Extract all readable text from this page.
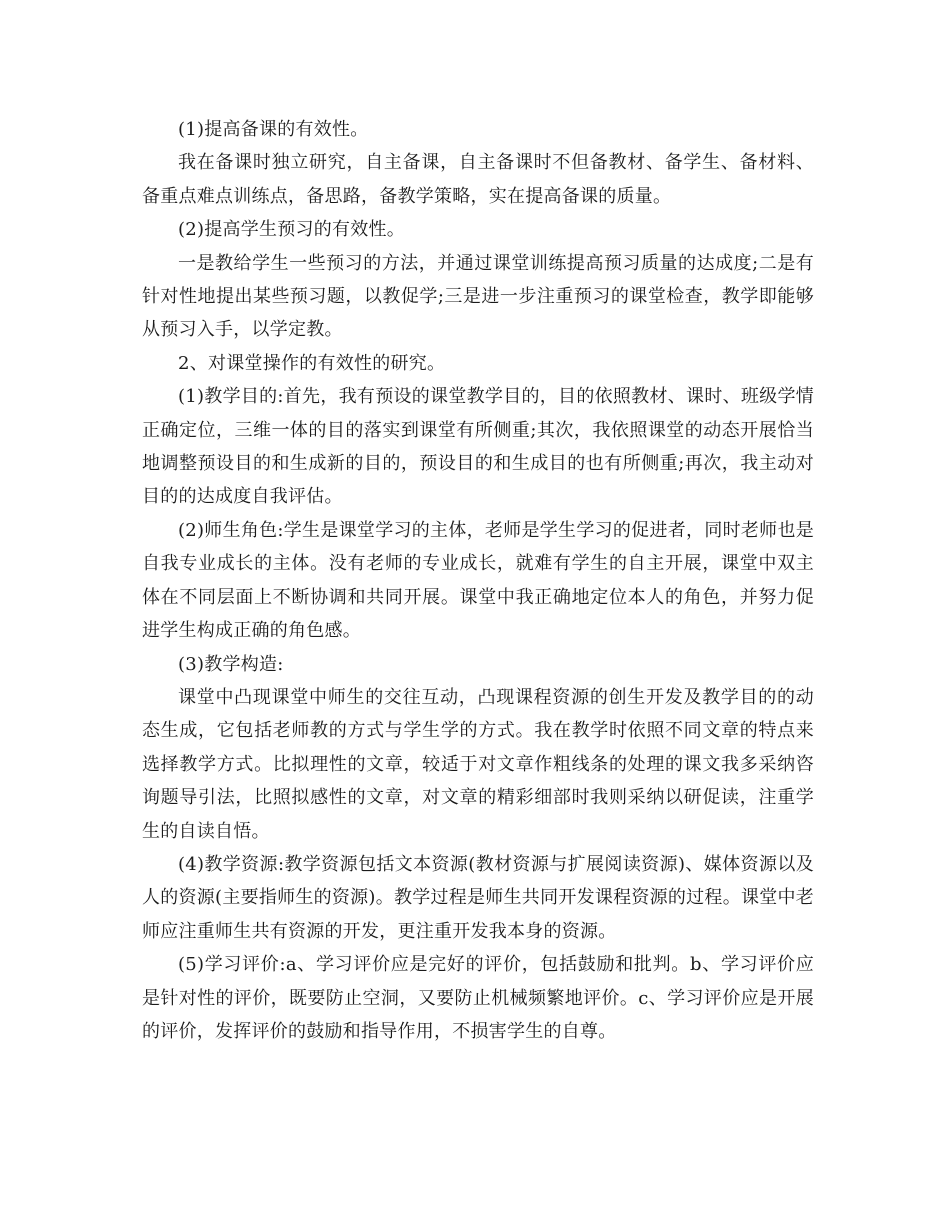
(1)提高备课的有效性。

我在备课时独立研究，自主备课，自主备课时不但备教材、备学生、备材料、备重点难点训练点，备思路，备教学策略，实在提高备课的质量。

(2)提高学生预习的有效性。

一是教给学生一些预习的方法，并通过课堂训练提高预习质量的达成度;二是有针对性地提出某些预习题，以教促学;三是进一步注重预习的课堂检查，教学即能够从预习入手，以学定教。

2、对课堂操作的有效性的研究。

(1)教学目的:首先，我有预设的课堂教学目的，目的依照教材、课时、班级学情正确定位，三维一体的目的落实到课堂有所侧重;其次，我依照课堂的动态开展恰当地调整预设目的和生成新的目的，预设目的和生成目的也有所侧重;再次，我主动对目的的达成度自我评估。

(2)师生角色:学生是课堂学习的主体，老师是学生学习的促进者，同时老师也是自我专业成长的主体。没有老师的专业成长，就难有学生的自主开展，课堂中双主体在不同层面上不断协调和共同开展。课堂中我正确地定位本人的角色，并努力促进学生构成正确的角色感。

(3)教学构造:

课堂中凸现课堂中师生的交往互动，凸现课程资源的创生开发及教学目的的动态生成，它包括老师教的方式与学生学的方式。我在教学时依照不同文章的特点来选择教学方式。比拟理性的文章，较适于对文章作粗线条的处理的课文我多采纳咨询题导引法，比照拟感性的文章，对文章的精彩细部时我则采纳以研促读，注重学生的自读自悟。

(4)教学资源:教学资源包括文本资源(教材资源与扩展阅读资源)、媒体资源以及人的资源(主要指师生的资源)。教学过程是师生共同开发课程资源的过程。课堂中老师应注重师生共有资源的开发，更注重开发我本身的资源。

(5)学习评价:a、学习评价应是完好的评价，包括鼓励和批判。b、学习评价应是针对性的评价，既要防止空洞，又要防止机械频繁地评价。c、学习评价应是开展的评价，发挥评价的鼓励和指导作用，不损害学生的自尊。
